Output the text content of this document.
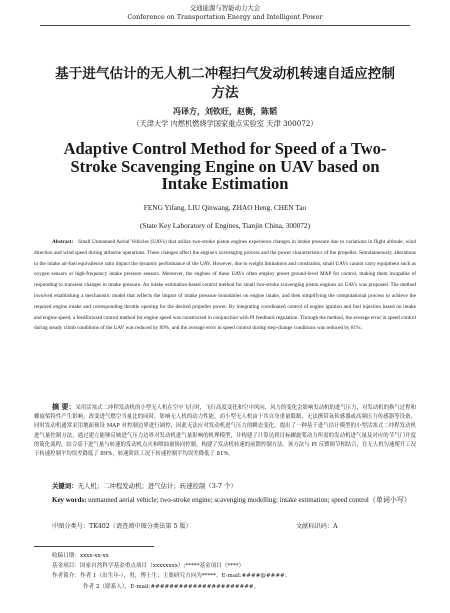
交通能源与智能动力大会
Conference on Transportation Energy and Intelligent Power
基于进气估计的无人机二冲程扫气发动机转速自适应控制方法
冯译方，刘钦旺，赵衡，陈韬
（天津大学 内燃机燃烧学国家重点实验室 天津 300072）
Adaptive Control Method for Speed of a Two-Stroke Scavenging Engine on UAV based on Intake Estimation
FENG Yifang, LIU Qinwang, ZHAO Heng, CHEN Tao
(State Key Laboratory of Engines, Tianjin China, 300072)

Abstract: Small Unmanned Aerial Vehicles (UAVs) that utilize two-stroke piston engines experience changes in intake pressure due to variations in flight altitude, wind direction and wind speed during airborne operations. These changes affect the engine's scavenging process and the power characteristics of the propeller. Simultaneously, alterations in the intake air-fuel equivalence ratio impact the dynamic performance of the UAV. However, due to weight limitations and constraints, small UAVs cannot carry equipment such as oxygen sensors or high-frequency intake pressure sensors. Moreover, the engines of these UAVs often employ preset ground-level MAP for control, making them incapable of responding to transient changes in intake pressure. An intake estimation-based control method for small two-stroke scavenging piston engines on UAVs was proposed. The method involved establishing a mechanistic model that reflects the impact of intake pressure boundaries on engine intake, and then simplifying the computational process to achieve the required engine intake and corresponding throttle opening for the desired propeller power. By integrating coordinated control of engine ignition and fuel injection based on intake and engine speed, a feedforward control method for engine speed was constructed in conjunction with PI feedback regulation. Through the method, the average error in speed control during steady climb conditions of the UAV was reduced by 89%, and the average error in speed control during step-change conditions was reduced by 81%.

摘 要：采用活塞式二冲程发动机的小型无人机在空中飞行时，飞行高度变化和空中风向、风力的变化会影响发动机的进气压力，对发动机的换气过程和螺旋桨特性产生影响，改变进气燃空当量比的同时，影响无人机的动力性能。而小型无人机由于其自身重量限制，无法携带氧传感器或高频压力传感器等设备，同时发动机通常采用地面预设 MAP 对控制边界进行调控，因此无法应对发动机进气压力的瞬态变化。提出了一种基于进气估计模型的小型活塞式二冲程发动机进气量控制方法，通过建立能够反映进气压力边界对发动机进气量影响的机理模型，并构建了计算达到目标螺旋桨动力所需的发动机进气量及对应的节气门开度的简化流程，结合基于进气量与转速的发动机点火和喷油量协同控制，构建了发动机转速的前馈控制方法。该方法与 PI 反馈调节相结合，在无人机匀速爬升工况下转速控制平均误差降低了 89%，转速阶跃工况下转速控制平均误差降低了 81%。

关键词：无人机；二冲程发动机；进气估计；转速控制（3-7 个）

Key words: unmanned aerial vehicle; two-stroke engine; scavenging modelling; intake estimation; speed control（单词小写）

中图分类号：TK402（请查阅中图分类法第 5 版）	文献标识码：A
收稿日期：xxxx-xx-xx
基金项目：国家自然科学基金重点项目（xxxxxxxx）;*****基金项目（****）
作者简介：作者 1（出生年-），男，博士生；主要研究方向为*****。E-mail:####@####；
作者 2（联系人），E-mail:######################。
